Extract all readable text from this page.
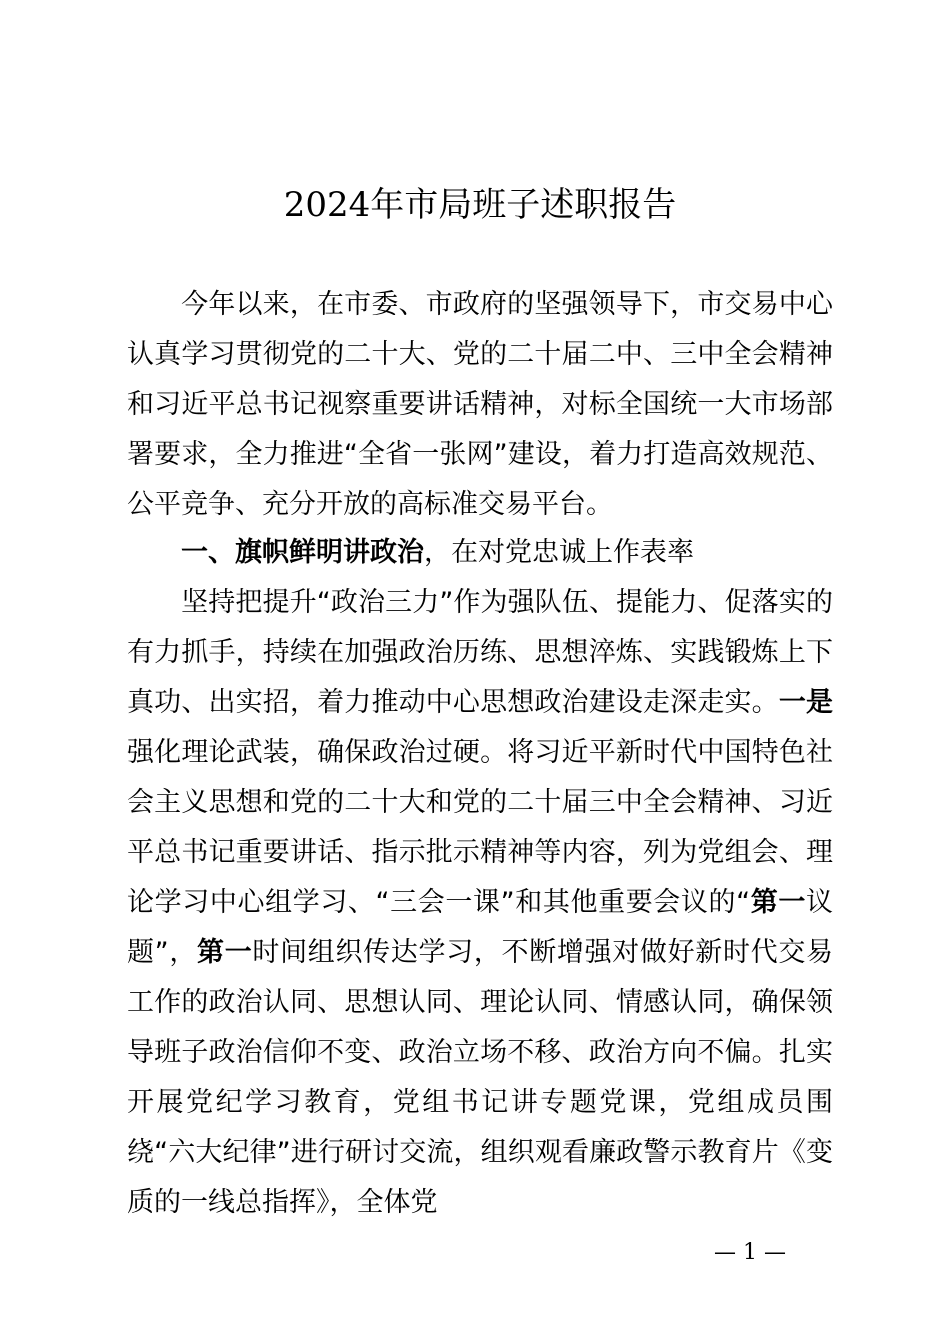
2024年市局班子述职报告
今年以来，在市委、市政府的坚强领导下，市交易中心认真学习贯彻党的二十大、党的二十届二中、三中全会精神和习近平总书记视察重要讲话精神，对标全国统一大市场部署要求，全力推进“全省一张网”建设，着力打造高效规范、公平竞争、充分开放的高标准交易平台。
一、旗帜鲜明讲政治，在对党忠诚上作表率
坚持把提升“政治三力”作为强队伍、提能力、促落实的有力抓手，持续在加强政治历练、思想淬炼、实践锻炼上下真功、出实招，着力推动中心思想政治建设走深走实。一是强化理论武装，确保政治过硬。将习近平新时代中国特色社会主义思想和党的二十大和党的二十届三中全会精神、习近平总书记重要讲话、指示批示精神等内容，列为党组会、理论学习中心组学习、“三会一课”和其他重要会议的“第一议题”，第一时间组织传达学习，不断增强对做好新时代交易工作的政治认同、思想认同、理论认同、情感认同，确保领导班子政治信仰不变、政治立场不移、政治方向不偏。扎实开展党纪学习教育，党组书记讲专题党课，党组成员围绕“六大纪律”进行研讨交流，组织观看廉政警示教育片《变质的一线总指挥》，全体党
— 1 —
